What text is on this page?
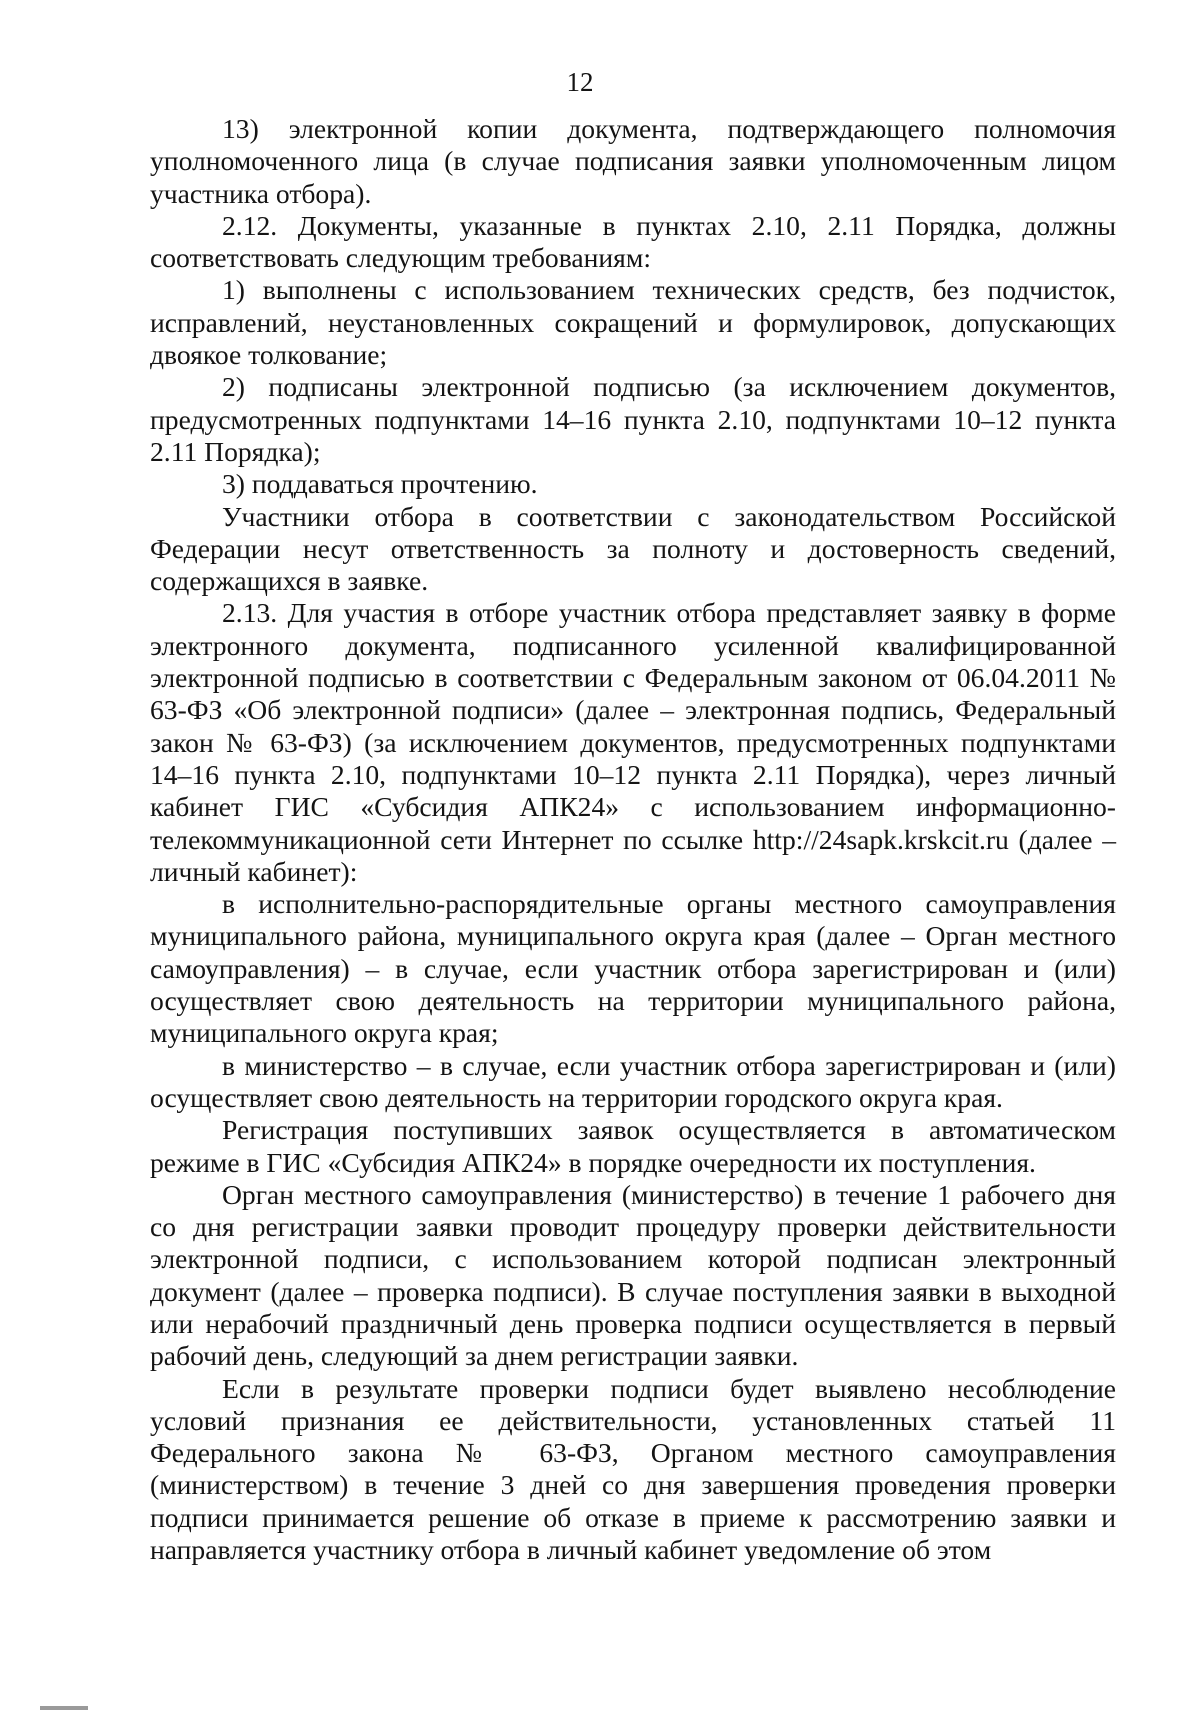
12

13) электронной копии документа, подтверждающего полномочия уполномоченного лица (в случае подписания заявки уполномоченным лицом участника отбора).

2.12. Документы, указанные в пунктах 2.10, 2.11 Порядка, должны соответствовать следующим требованиям:

1) выполнены с использованием технических средств, без подчисток, исправлений, неустановленных сокращений и формулировок, допускающих двоякое толкование;

2) подписаны электронной подписью (за исключением документов, предусмотренных подпунктами 14–16 пункта 2.10, подпунктами 10–12 пункта 2.11 Порядка);

3) поддаваться прочтению.

Участники отбора в соответствии с законодательством Российской Федерации несут ответственность за полноту и достоверность сведений, содержащихся в заявке.

2.13. Для участия в отборе участник отбора представляет заявку в форме электронного документа, подписанного усиленной квалифицированной электронной подписью в соответствии с Федеральным законом от 06.04.2011 № 63-ФЗ «Об электронной подписи» (далее – электронная подпись, Федеральный закон № 63-ФЗ) (за исключением документов, предусмотренных подпунктами 14–16 пункта 2.10, подпунктами 10–12 пункта 2.11 Порядка), через личный кабинет ГИС «Субсидия АПК24» с использованием информационно-телекоммуникационной сети Интернет по ссылке http://24sapk.krskcit.ru (далее – личный кабинет):

в исполнительно-распорядительные органы местного самоуправления муниципального района, муниципального округа края (далее – Орган местного самоуправления) – в случае, если участник отбора зарегистрирован и (или) осуществляет свою деятельность на территории муниципального района, муниципального округа края;

в министерство – в случае, если участник отбора зарегистрирован и (или) осуществляет свою деятельность на территории городского округа края.

Регистрация поступивших заявок осуществляется в автоматическом режиме в ГИС «Субсидия АПК24» в порядке очередности их поступления.

Орган местного самоуправления (министерство) в течение 1 рабочего дня со дня регистрации заявки проводит процедуру проверки действительности электронной подписи, с использованием которой подписан электронный документ (далее – проверка подписи). В случае поступления заявки в выходной или нерабочий праздничный день проверка подписи осуществляется в первый рабочий день, следующий за днем регистрации заявки.

Если в результате проверки подписи будет выявлено несоблюдение условий признания ее действительности, установленных статьей 11 Федерального закона № 63-ФЗ, Органом местного самоуправления (министерством) в течение 3 дней со дня завершения проведения проверки подписи принимается решение об отказе в приеме к рассмотрению заявки и направляется участнику отбора в личный кабинет уведомление об этом
